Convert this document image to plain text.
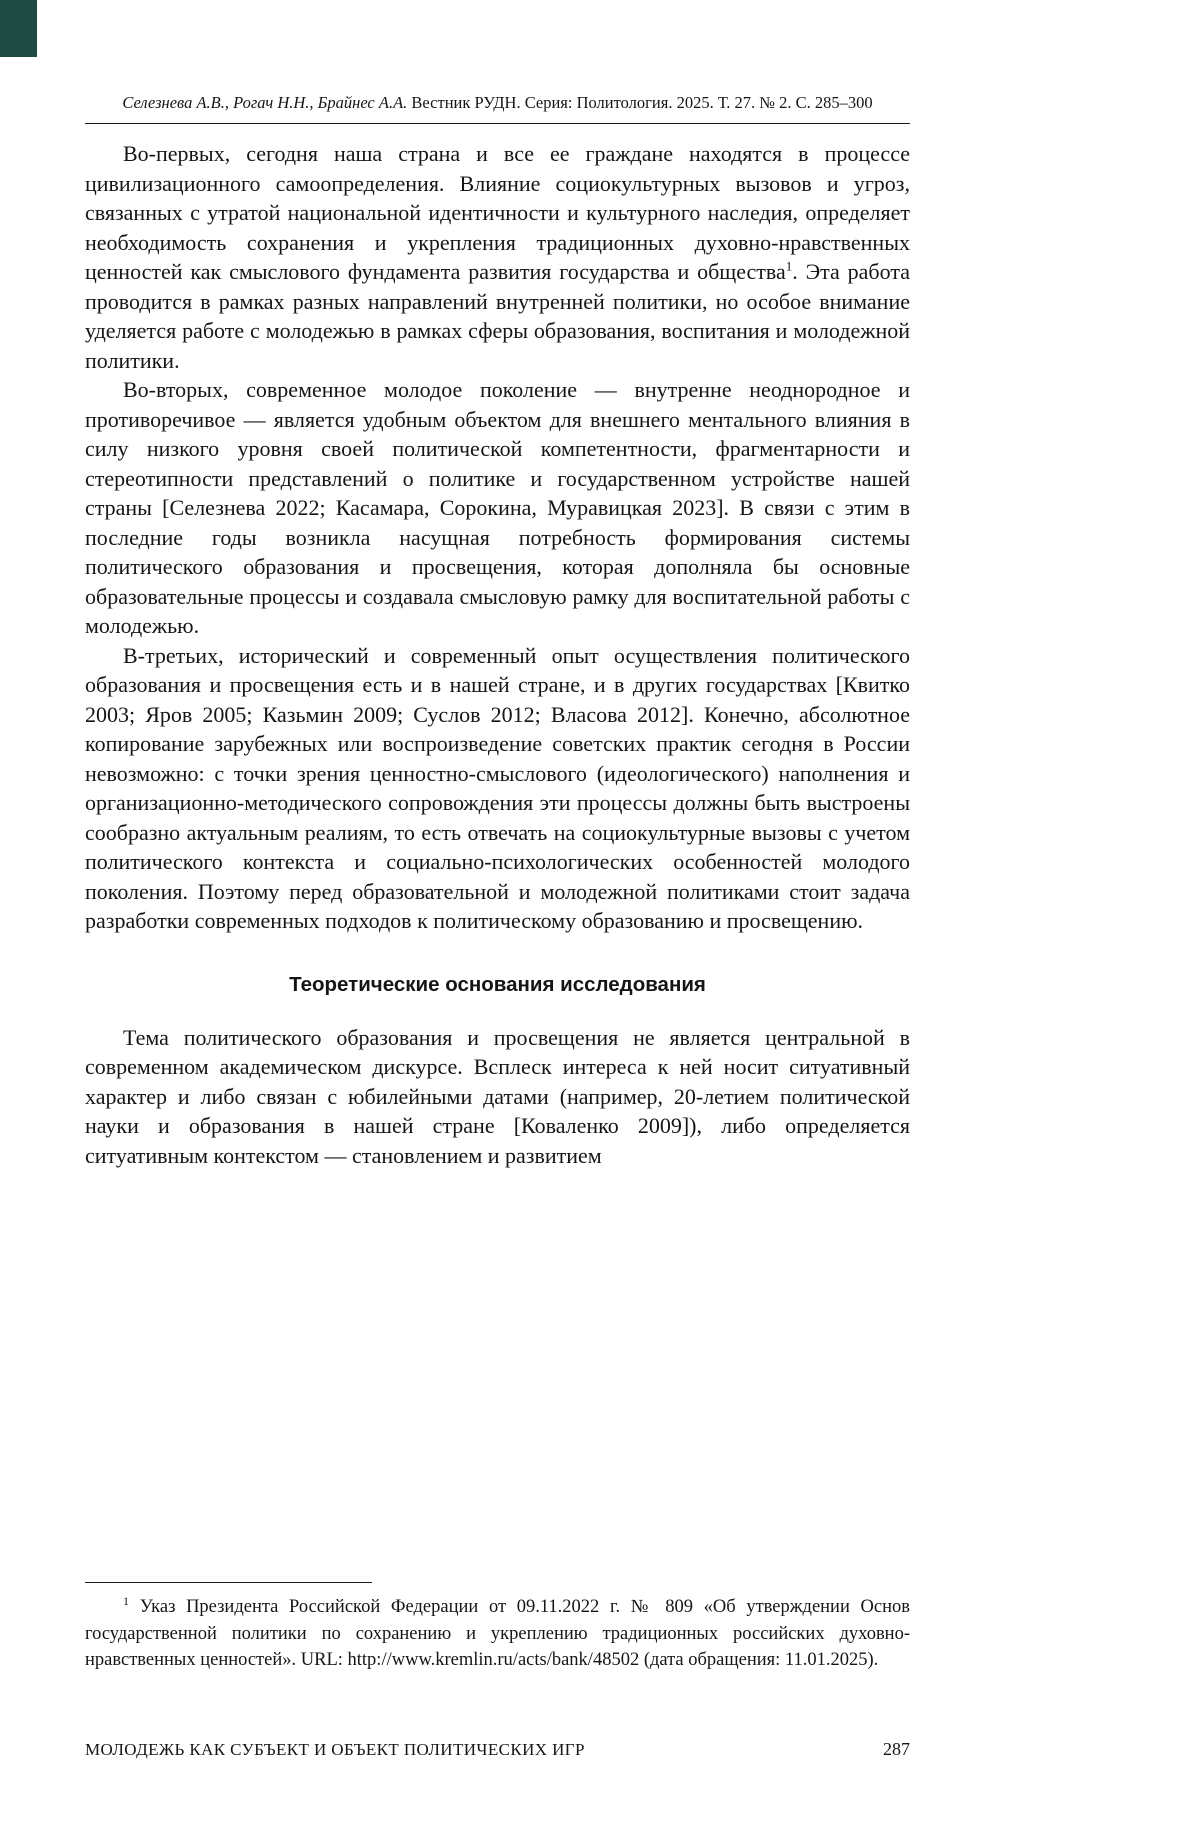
Селезнева А.В., Рогач Н.Н., Брайнес А.А. Вестник РУДН. Серия: Политология. 2025. Т. 27. № 2. С. 285–300

Во-первых, сегодня наша страна и все ее граждане находятся в процессе цивилизационного самоопределения. Влияние социокультурных вызовов и угроз, связанных с утратой национальной идентичности и культурного наследия, определяет необходимость сохранения и укрепления традиционных духовно-нравственных ценностей как смыслового фундамента развития государства и общества$^1$. Эта работа проводится в рамках разных направлений внутренней политики, но особое внимание уделяется работе с молодежью в рамках сферы образования, воспитания и молодежной политики.

Во-вторых, современное молодое поколение — внутренне неоднородное и противоречивое — является удобным объектом для внешнего ментального влияния в силу низкого уровня своей политической компетентности, фрагментарности и стереотипности представлений о политике и государственном устройстве нашей страны [Селезнева 2022; Касамара, Сорокина, Муравицкая 2023]. В связи с этим в последние годы возникла насущная потребность формирования системы политического образования и просвещения, которая дополняла бы основные образовательные процессы и создавала смысловую рамку для воспитательной работы с молодежью.

В-третьих, исторический и современный опыт осуществления политического образования и просвещения есть и в нашей стране, и в других государствах [Квитко 2003; Яров 2005; Казьмин 2009; Суслов 2012; Власова 2012]. Конечно, абсолютное копирование зарубежных или воспроизведение советских практик сегодня в России невозможно: с точки зрения ценностно-смыслового (идеологического) наполнения и организационно-методического сопровождения эти процессы должны быть выстроены сообразно актуальным реалиям, то есть отвечать на социокультурные вызовы с учетом политического контекста и социально-психологических особенностей молодого поколения. Поэтому перед образовательной и молодежной политиками стоит задача разработки современных подходов к политическому образованию и просвещению.

Теоретические основания исследования

Тема политического образования и просвещения не является центральной в современном академическом дискурсе. Всплеск интереса к ней носит ситуативный характер и либо связан с юбилейными датами (например, 20-летием политической науки и образования в нашей стране [Коваленко 2009]), либо определяется ситуативным контекстом — становлением и развитием

$^1$ Указ Президента Российской Федерации от 09.11.2022 г. № 809 «Об утверждении Основ государственной политики по сохранению и укреплению традиционных российских духовно-нравственных ценностей». URL: http://www.kremlin.ru/acts/bank/48502 (дата обращения: 11.01.2025).

МОЛОДЕЖЬ КАК СУБЪЕКТ И ОБЪЕКТ ПОЛИТИЧЕСКИХ ИГР	287
